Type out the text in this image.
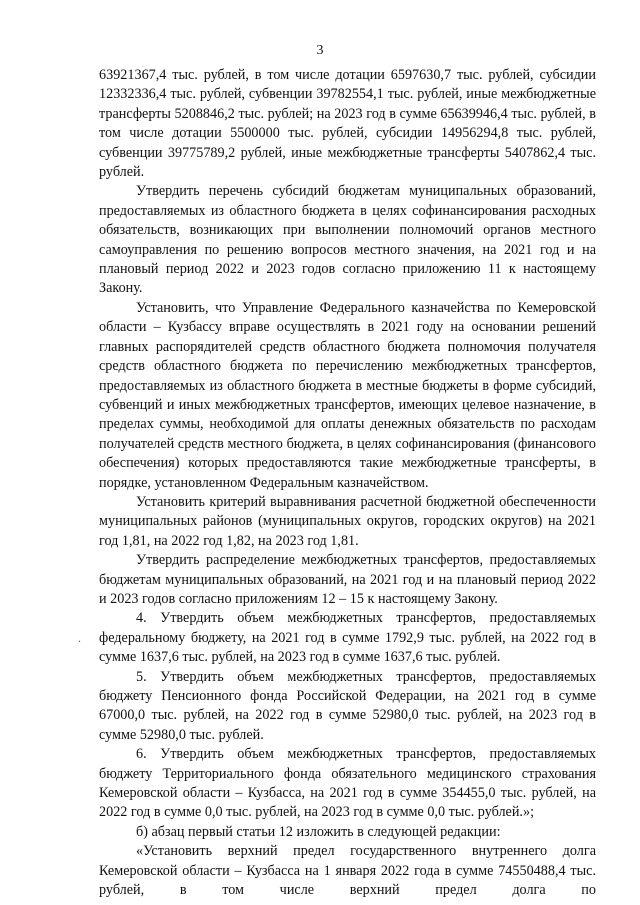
3

63921367,4 тыс. рублей, в том числе дотации 6597630,7 тыс. рублей, субсидии 12332336,4 тыс. рублей, субвенции 39782554,1 тыс. рублей, иные межбюджетные трансферты 5208846,2 тыс. рублей; на 2023 год в сумме 65639946,4 тыс. рублей, в том числе дотации 5500000 тыс. рублей, субсидии 14956294,8 тыс. рублей, субвенции 39775789,2 рублей, иные межбюджетные трансферты 5407862,4 тыс. рублей.

Утвердить перечень субсидий бюджетам муниципальных образований, предоставляемых из областного бюджета в целях софинансирования расходных обязательств, возникающих при выполнении полномочий органов местного самоуправления по решению вопросов местного значения, на 2021 год и на плановый период 2022 и 2023 годов согласно приложению 11 к настоящему Закону.

Установить, что Управление Федерального казначейства по Кемеровской области – Кузбассу вправе осуществлять в 2021 году на основании решений главных распорядителей средств областного бюджета полномочия получателя средств областного бюджета по перечислению межбюджетных трансфертов, предоставляемых из областного бюджета в местные бюджеты в форме субсидий, субвенций и иных межбюджетных трансфертов, имеющих целевое назначение, в пределах суммы, необходимой для оплаты денежных обязательств по расходам получателей средств местного бюджета, в целях софинансирования (финансового обеспечения) которых предоставляются такие межбюджетные трансферты, в порядке, установленном Федеральным казначейством.

Установить критерий выравнивания расчетной бюджетной обеспеченности муниципальных районов (муниципальных округов, городских округов) на 2021 год 1,81, на 2022 год 1,82, на 2023 год 1,81.

Утвердить распределение межбюджетных трансфертов, предоставляемых бюджетам муниципальных образований, на 2021 год и на плановый период 2022 и 2023 годов согласно приложениям 12 – 15 к настоящему Закону.

4. Утвердить объем межбюджетных трансфертов, предоставляемых федеральному бюджету, на 2021 год в сумме 1792,9 тыс. рублей, на 2022 год в сумме 1637,6 тыс. рублей, на 2023 год в сумме 1637,6 тыс. рублей.

5. Утвердить объем межбюджетных трансфертов, предоставляемых бюджету Пенсионного фонда Российской Федерации, на 2021 год в сумме 67000,0 тыс. рублей, на 2022 год в сумме 52980,0 тыс. рублей, на 2023 год в сумме 52980,0 тыс. рублей.

6. Утвердить объем межбюджетных трансфертов, предоставляемых бюджету Территориального фонда обязательного медицинского страхования Кемеровской области – Кузбасса, на 2021 год в сумме 354455,0 тыс. рублей, на 2022 год в сумме 0,0 тыс. рублей, на 2023 год в сумме 0,0 тыс. рублей.»;

б) абзац первый статьи 12 изложить в следующей редакции:

«Установить верхний предел государственного внутреннего долга Кемеровской области – Кузбасса на 1 января 2022 года в сумме 74550488,4 тыс. рублей, в том числе верхний предел долга по

.
